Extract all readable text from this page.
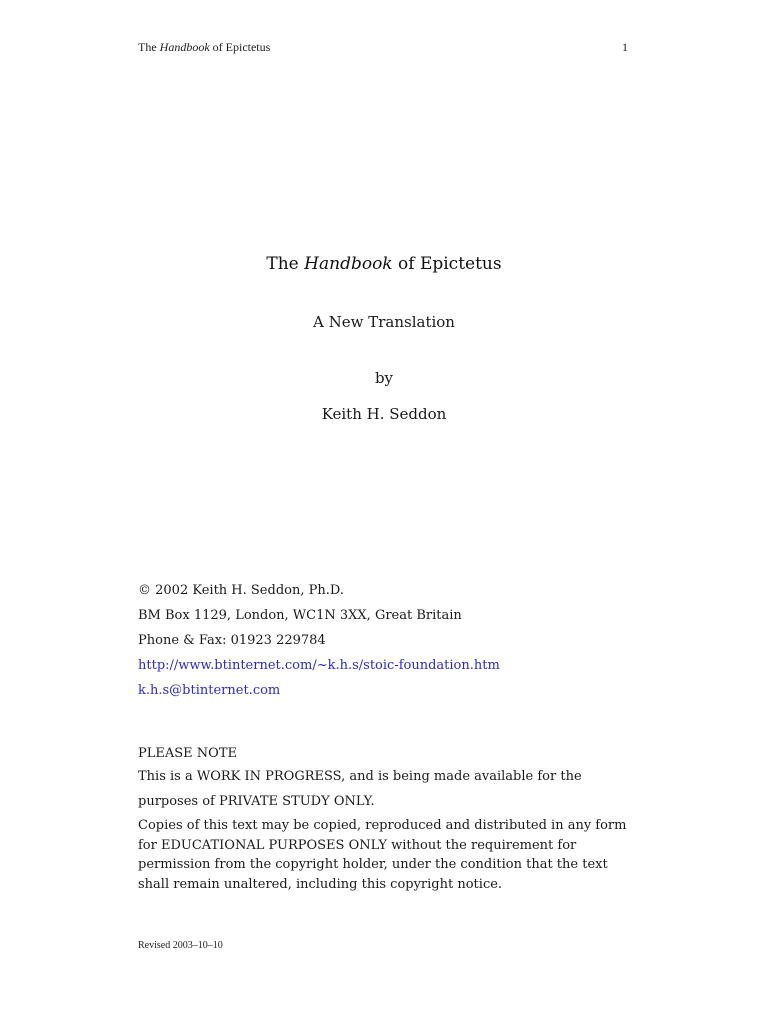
The Handbook of Epictetus	1
The Handbook of Epictetus
A New Translation
by
Keith H. Seddon
© 2002 Keith H. Seddon, Ph.D.
BM Box 1129, London, WC1N 3XX, Great Britain
Phone & Fax: 01923 229784
http://www.btinternet.com/~k.h.s/stoic-foundation.htm
k.h.s@btinternet.com
PLEASE NOTE
This is a WORK IN PROGRESS, and is being made available for the purposes of PRIVATE STUDY ONLY.
Copies of this text may be copied, reproduced and distributed in any form for EDUCATIONAL PURPOSES ONLY without the requirement for permission from the copyright holder, under the condition that the text shall remain unaltered, including this copyright notice.
Revised 2003–10–10
